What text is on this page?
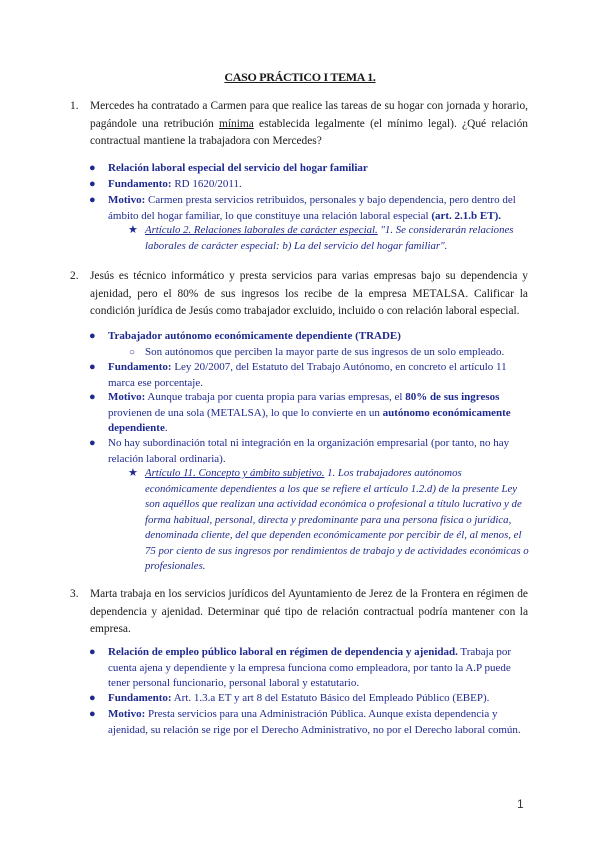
CASO PRÁCTICO I TEMA 1.
1. Mercedes ha contratado a Carmen para que realice las tareas de su hogar con jornada y horario, pagándole una retribución mínima establecida legalmente (el mínimo legal). ¿Qué relación contractual mantiene la trabajadora con Mercedes?
● Relación laboral especial del servicio del hogar familiar
● Fundamento: RD 1620/2011.
● Motivo: Carmen presta servicios retribuidos, personales y bajo dependencia, pero dentro del ámbito del hogar familiar, lo que constituye una relación laboral especial (art. 2.1.b ET).
★ Artículo 2. Relaciones laborales de carácter especial. "1. Se considerarán relaciones laborales de carácter especial: b) La del servicio del hogar familiar".
2. Jesús es técnico informático y presta servicios para varias empresas bajo su dependencia y ajenidad, pero el 80% de sus ingresos los recibe de la empresa METALSA. Calificar la condición jurídica de Jesús como trabajador excluido, incluido o con relación laboral especial.
● Trabajador autónomo económicamente dependiente (TRADE)
○ Son autónomos que perciben la mayor parte de sus ingresos de un solo empleado.
● Fundamento: Ley 20/2007, del Estatuto del Trabajo Autónomo, en concreto el artículo 11 marca ese porcentaje.
● Motivo: Aunque trabaja por cuenta propia para varias empresas, el 80% de sus ingresos provienen de una sola (METALSA), lo que lo convierte en un autónomo económicamente dependiente.
● No hay subordinación total ni integración en la organización empresarial (por tanto, no hay relación laboral ordinaria).
★ Artículo 11. Concepto y ámbito subjetivo. 1. Los trabajadores autónomos económicamente dependientes a los que se refiere el artículo 1.2.d) de la presente Ley son aquéllos que realizan una actividad económica o profesional a título lucrativo y de forma habitual, personal, directa y predominante para una persona física o jurídica, denominada cliente, del que dependen económicamente por percibir de él, al menos, el 75 por ciento de sus ingresos por rendimientos de trabajo y de actividades económicas o profesionales.
3. Marta trabaja en los servicios jurídicos del Ayuntamiento de Jerez de la Frontera en régimen de dependencia y ajenidad. Determinar qué tipo de relación contractual podría mantener con la empresa.
● Relación de empleo público laboral en régimen de dependencia y ajenidad. Trabaja por cuenta ajena y dependiente y la empresa funciona como empleadora, por tanto la A.P puede tener personal funcionario, personal laboral y estatutario.
● Fundamento: Art. 1.3.a ET y art 8 del Estatuto Básico del Empleado Público (EBEP).
● Motivo: Presta servicios para una Administración Pública. Aunque exista dependencia y ajenidad, su relación se rige por el Derecho Administrativo, no por el Derecho laboral común.
1
